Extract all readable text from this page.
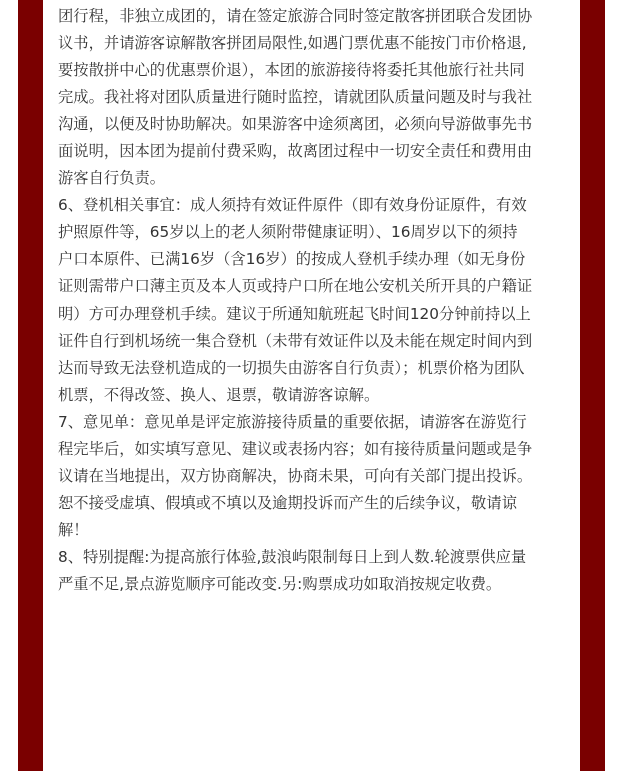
团行程，非独立成团的，请在签定旅游合同时签定散客拼团联合发团协
议书，并请游客谅解散客拼团局限性,如遇门票优惠不能按门市价格退,
要按散拼中心的优惠票价退），本团的旅游接待将委托其他旅行社共同
完成。我社将对团队质量进行随时监控，请就团队质量问题及时与我社
沟通，以便及时协助解决。如果游客中途须离团，必须向导游做事先书
面说明，因本团为提前付费采购，故离团过程中一切安全责任和费用由
游客自行负责。

6、登机相关事宜：成人须持有效证件原件（即有效身份证原件，有效
护照原件等，65岁以上的老人须附带健康证明）、16周岁以下的须持
户口本原件、已满16岁（含16岁）的按成人登机手续办理（如无身份
证则需带户口薄主页及本人页或持户口所在地公安机关所开具的户籍证
明）方可办理登机手续。建议于所通知航班起飞时间120分钟前持以上
证件自行到机场统一集合登机（未带有效证件以及未能在规定时间内到
达而导致无法登机造成的一切损失由游客自行负责）；机票价格为团队
机票，不得改签、换人、退票，敬请游客谅解。

7、意见单：意见单是评定旅游接待质量的重要依据，请游客在游览行
程完毕后，如实填写意见、建议或表扬内容；如有接待质量问题或是争
议请在当地提出，双方协商解决，协商未果，可向有关部门提出投诉。
恕不接受虚填、假填或不填以及逾期投诉而产生的后续争议，敬请谅
解！

8、特别提醒:为提高旅行体验,鼓浪屿限制每日上到人数.轮渡票供应量
严重不足,景点游览顺序可能改变.另:购票成功如取消按规定收费。
